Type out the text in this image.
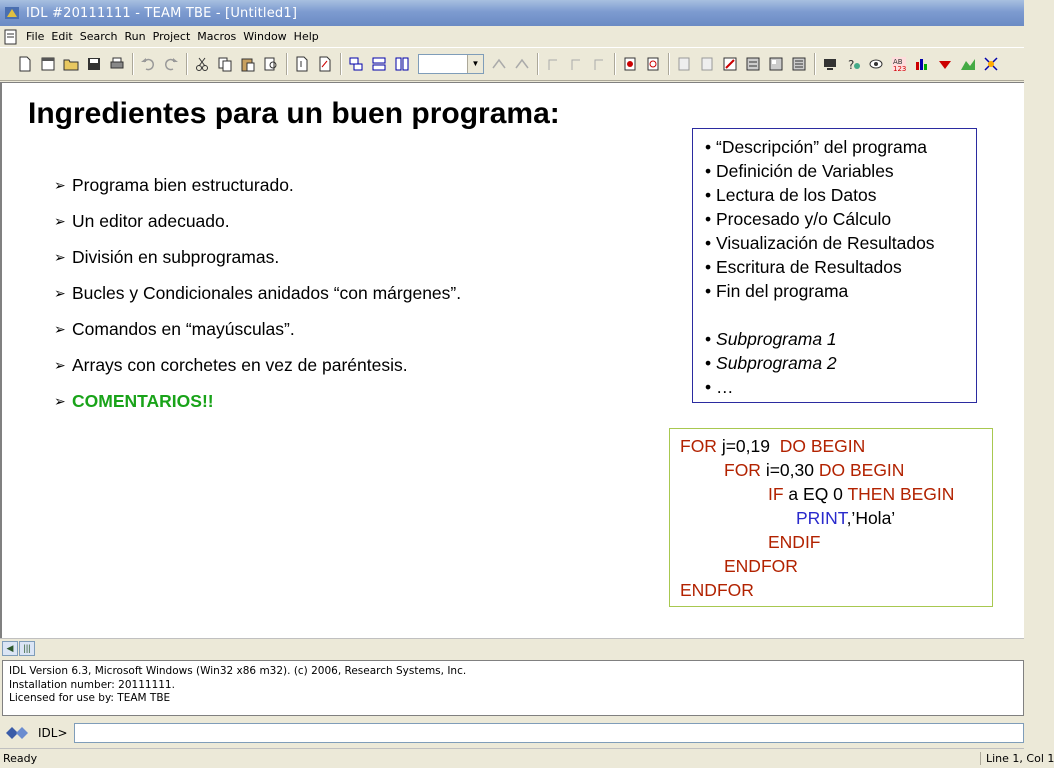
IDL #20111111 - TEAM TBE - [Untitled1]
File Edit Search Run Project Macros Window Help
▼	?	AB
123
Ingredientes para un buen programa:
➢ Programa bien estructurado.
➢ Un editor adecuado.
➢ División en subprogramas.
➢ Bucles y Condicionales anidados “con márgenes”.
➢ Comandos en “mayúsculas”.
➢ Arrays con corchetes en vez de paréntesis.
➢ COMENTARIOS!!
• “Descripción” del programa
• Definición de Variables
• Lectura de los Datos
• Procesado y/o Cálculo
• Visualización de Resultados
• Escritura de Resultados
• Fin del programa
• Subprograma 1
• Subprograma 2
• …
FOR j=0,19  DO BEGIN
FOR i=0,30 DO BEGIN
IF a EQ 0 THEN BEGIN
PRINT,’Hola’
ENDIF
ENDFOR
ENDFOR
◀	|||
IDL Version 6.3, Microsoft Windows (Win32 x86 m32). (c) 2006, Research Systems, Inc.
Installation number: 20111111.
Licensed for use by: TEAM TBE
IDL>
Ready	Line 1, Col 1
